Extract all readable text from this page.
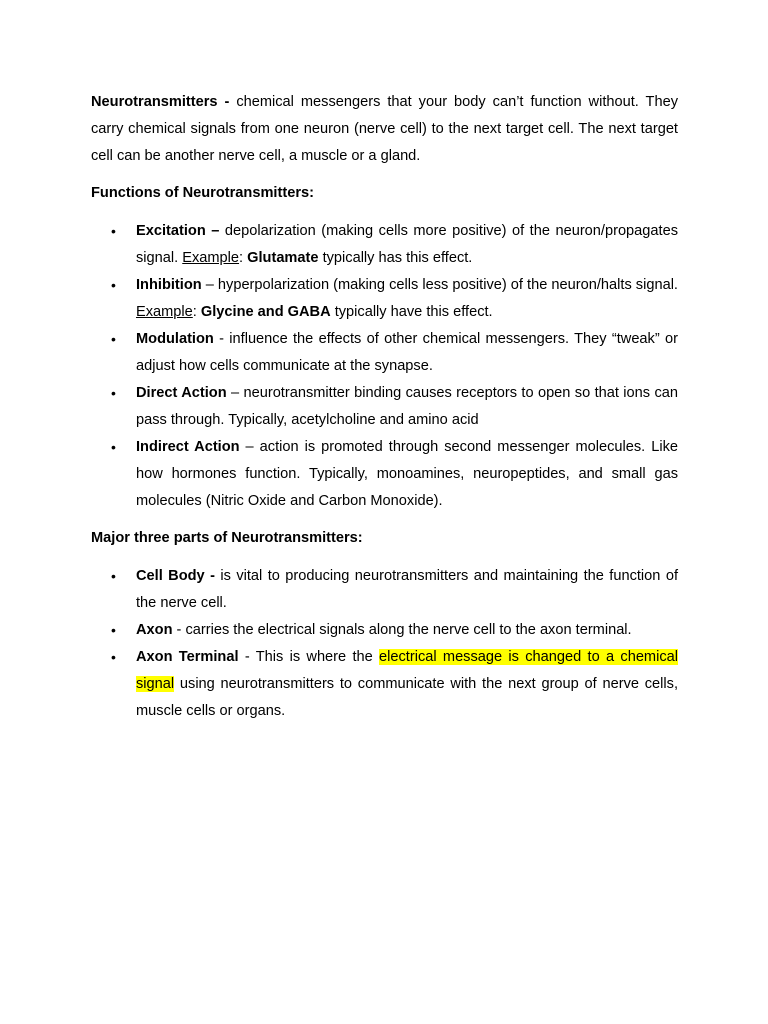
Neurotransmitters - chemical messengers that your body can’t function without. They carry chemical signals from one neuron (nerve cell) to the next target cell. The next target cell can be another nerve cell, a muscle or a gland.

Functions of Neurotransmitters:

• Excitation – depolarization (making cells more positive) of the neuron/propagates signal. Example: Glutamate typically has this effect.
• Inhibition – hyperpolarization (making cells less positive) of the neuron/halts signal. Example: Glycine and GABA typically have this effect.
• Modulation - influence the effects of other chemical messengers. They “tweak” or adjust how cells communicate at the synapse.
• Direct Action – neurotransmitter binding causes receptors to open so that ions can pass through. Typically, acetylcholine and amino acid
• Indirect Action – action is promoted through second messenger molecules. Like how hormones function. Typically, monoamines, neuropeptides, and small gas molecules (Nitric Oxide and Carbon Monoxide).

Major three parts of Neurotransmitters:

• Cell Body - is vital to producing neurotransmitters and maintaining the function of the nerve cell.
• Axon - carries the electrical signals along the nerve cell to the axon terminal.
• Axon Terminal - This is where the electrical message is changed to a chemical signal using neurotransmitters to communicate with the next group of nerve cells, muscle cells or organs.
